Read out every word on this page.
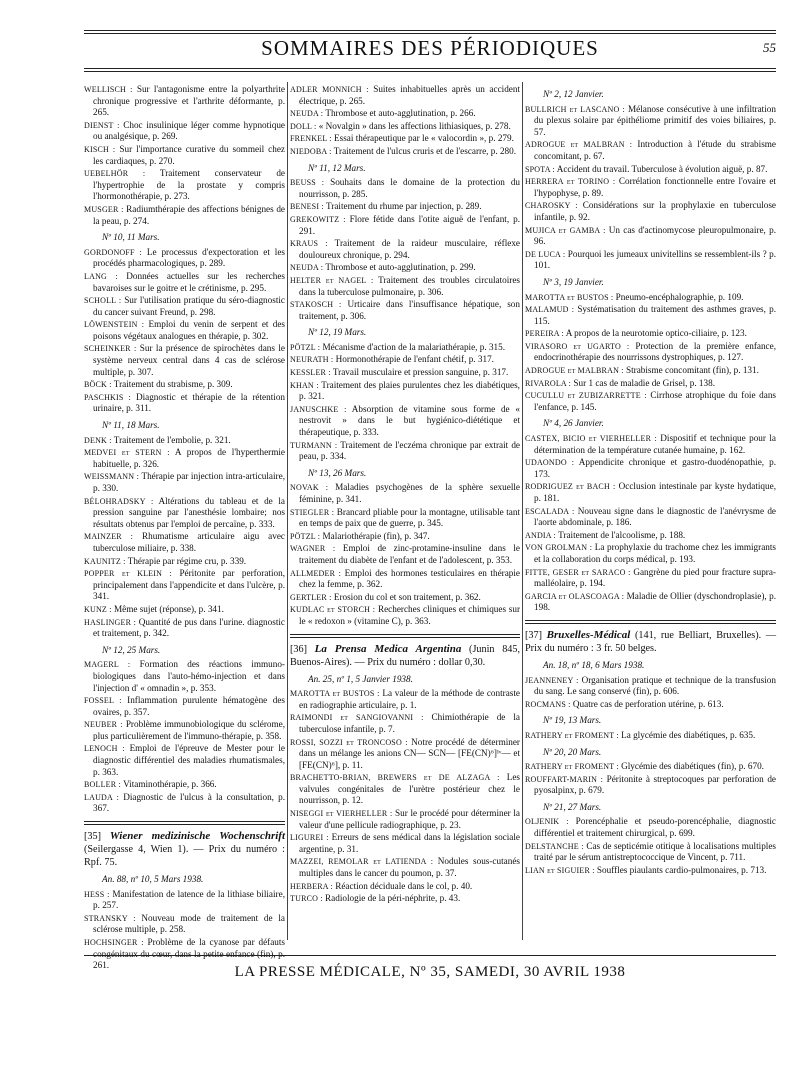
SOMMAIRES DES PÉRIODIQUES	55
WELLISCH : Sur l'antagonisme entre la polyarthrite chronique progressive et l'arthrite déformante, p. 265.
DIENST : Choc insulinique léger comme hypnotique ou analgésique, p. 269.
KISCH : Sur l'importance curative du sommeil chez les cardiaques, p. 270.
UEBELHÖR : Traitement conservateur de l'hypertrophie de la prostate y compris l'hormonothérapie, p. 273.
MUSGER : Radiumthérapie des affections bénignes de la peau, p. 274.
Nº 10, 11 Mars.
GORDONOFF : Le processus d'expectoration et les procédés pharmacologiques, p. 289.
LANG : Données actuelles sur les recherches bavaroises sur le goitre et le crétinisme, p. 295.
SCHOLL : Sur l'utilisation pratique du séro-diagnostic du cancer suivant Freund, p. 298.
LÖWENSTEIN : Emploi du venin de serpent et des poisons végétaux analogues en thérapie, p. 302.
SCHEINKER : Sur la présence de spirochètes dans le système nerveux central dans 4 cas de sclérose multiple, p. 307.
BÖCK : Traitement du strabisme, p. 309.
PASCHKIS : Diagnostic et thérapie de la rétention urinaire, p. 311.
Nº 11, 18 Mars.
DENK : Traitement de l'embolie, p. 321.
MEDVEI et STERN : A propos de l'hyperthermie habituelle, p. 326.
WEISSMANN : Thérapie par injection intra-articulaire, p. 330.
BÉLOHRADSKY : Altérations du tableau et de la pression sanguine par l'anesthésie lombaire; nos résultats obtenus par l'emploi de percaïne, p. 333.
MAINZER : Rhumatisme articulaire aigu avec tuberculose miliaire, p. 338.
KAUNITZ : Thérapie par régime cru, p. 339.
POPPER et KLEIN : Péritonite par perforation, principalement dans l'appendicite et dans l'ulcère, p. 341.
KUNZ : Même sujet (réponse), p. 341.
HASLINGER : Quantité de pus dans l'urine. diagnostic et traitement, p. 342.
Nº 12, 25 Mars.
MAGERL : Formation des réactions immuno-biologiques dans l'auto-hémo-injection et dans l'injection d' « omnadin », p. 353.
FOSSEL : Inflammation purulente hématogène des ovaires, p. 357.
NEUBER : Problème immunobiologique du sclérome, plus particulièrement de l'immuno-thérapie, p. 358.
LENOCH : Emploi de l'épreuve de Mester pour le diagnostic différentiel des maladies rhumatismales, p. 363.
BOLLER : Vitaminothérapie, p. 366.
LAUDA : Diagnostic de l'ulcus à la consultation, p. 367.
[35] Wiener medizinische Wochenschrift (Seilergasse 4, Wien 1). — Prix du numéro : Rpf. 75.
An. 88, nº 10, 5 Mars 1938.
HESS : Manifestation de latence de la lithiase biliaire, p. 257.
STRANSKY : Nouveau mode de traitement de la sclérose multiple, p. 258.
HOCHSINGER : Problème de la cyanose par défauts congénitaux du cœur, dans la petite enfance (fin), p. 261.
ADLER MONNICH : Suites inhabituelles après un accident électrique, p. 265.
NEUDA : Thrombose et auto-agglutination, p. 266.
DOLL : « Novalgin » dans les affections lithiasiques, p. 278.
FRENKEL : Essai thérapeutique par le « valocordin », p. 279.
NIEDOBA : Traitement de l'ulcus cruris et de l'escarre, p. 280.
Nº 11, 12 Mars.
BEUSS : Souhaits dans le domaine de la protection du nourrisson, p. 285.
BENESI : Traitement du rhume par injection, p. 289.
GREKOWITZ : Flore fétide dans l'otite aiguë de l'enfant, p. 291.
KRAUS : Traitement de la raideur musculaire, réflexe douloureux chronique, p. 294.
NEUDA : Thrombose et auto-agglutination, p. 299.
HELTER et NAGEL : Traitement des troubles circulatoires dans la tuberculose pulmonaire, p. 306.
STAKOSCH : Urticaire dans l'insuffisance hépatique, son traitement, p. 306.
Nº 12, 19 Mars.
PÖTZL : Mécanisme d'action de la malariathérapie, p. 315.
NEURATH : Hormonothérapie de l'enfant chétif, p. 317.
KESSLER : Travail musculaire et pression sanguine, p. 317.
KHAN : Traitement des plaies purulentes chez les diabétiques, p. 321.
JANUSCHKE : Absorption de vitamine sous forme de « nestrovit » dans le but hygiénico-diététique et thérapeutique, p. 333.
TURMANN : Traitement de l'eczéma chronique par extrait de peau, p. 334.
Nº 13, 26 Mars.
NOVAK : Maladies psychogènes de la sphère sexuelle féminine, p. 341.
STIEGLER : Brancard pliable pour la montagne, utilisable tant en temps de paix que de guerre, p. 345.
PÖTZL : Malariothérapie (fin), p. 347.
WAGNER : Emploi de zinc-protamine-insuline dans le traitement du diabète de l'enfant et de l'adolescent, p. 353.
ALLMEDER : Emploi des hormones testiculaires en thérapie chez la femme, p. 362.
GERTLER : Erosion du col et son traitement, p. 362.
KUDLAC et STORCH : Recherches cliniques et chimiques sur le « redoxon » (vitamine C), p. 363.
[36] La Prensa Medica Argentina (Junin 845, Buenos-Aires). — Prix du numéro : dollar 0,30.
An. 25, nº 1, 5 Janvier 1938.
MAROTTA et BUSTOS : La valeur de la méthode de contraste en radiographie articulaire, p. 1.
RAIMONDI et SANGIOVANNI : Chimiothérapie de la tuberculose infantile, p. 7.
ROSSI, SOZZI et TRONCOSO : Notre procédé de déterminer dans un mélange les anions CN— SCN— [FE(CN)⁶]ᴵᵛ— et [FE(CN)⁶], p. 11.
BRACHETTO-BRIAN, BREWERS et DE ALZAGA : Les valvules congénitales de l'urètre postérieur chez le nourrisson, p. 12.
NISEGGI et VIERHELLER : Sur le procédé pour déterminer la valeur d'une pellicule radiographique, p. 23.
LIGUREI : Erreurs de sens médical dans la législation sociale argentine, p. 31.
MAZZEI, REMOLAR et LATIENDA : Nodules sous-cutanés multiples dans le cancer du poumon, p. 37.
HERBERA : Réaction déciduale dans le col, p. 40.
TURCO : Radiologie de la péri-néphrite, p. 43.
Nº 2, 12 Janvier.
BULLRICH et LASCANO : Mélanose consécutive à une infiltration du plexus solaire par épithéliome primitif des voies biliaires, p. 57.
ADROGUE et MALBRAN : Introduction à l'étude du strabisme concomitant, p. 67.
SPOTA : Accident du travail. Tuberculose à évolution aiguë, p. 87.
HERRERA et TORINO : Corrélation fonctionnelle entre l'ovaire et l'hypophyse, p. 89.
CHAROSKY : Considérations sur la prophylaxie en tuberculose infantile, p. 92.
MUJICA et GAMBA : Un cas d'actinomycose pleuropulmonaire, p. 96.
DE LUCA : Pourquoi les jumeaux univitellins se ressemblent-ils ? p. 101.
Nº 3, 19 Janvier.
MAROTTA et BUSTOS : Pneumo-encéphalographie, p. 109.
MALAMUD : Systématisation du traitement des asthmes graves, p. 115.
PEREIRA : A propos de la neurotomie optico-ciliaire, p. 123.
VIRASORO et UGARTO : Protection de la première enfance, endocrinothérapie des nourrissons dystrophiques, p. 127.
ADROGUE et MALBRAN : Strabisme concomitant (fin), p. 131.
RIVAROLA : Sur 1 cas de maladie de Grisel, p. 138.
CUCULLU et ZUBIZARRETTE : Cirrhose atrophique du foie dans l'enfance, p. 145.
Nº 4, 26 Janvier.
CASTEX, BICIO et VIERHELLER : Dispositif et technique pour la détermination de la température cutanée humaine, p. 162.
UDAONDO : Appendicite chronique et gastro-duodénopathie, p. 173.
RODRIGUEZ et BACH : Occlusion intestinale par kyste hydatique, p. 181.
ESCALADA : Nouveau signe dans le diagnostic de l'anévrysme de l'aorte abdominale, p. 186.
ANDIA : Traitement de l'alcoolisme, p. 188.
VON GROLMAN : La prophylaxie du trachome chez les immigrants et la collaboration du corps médical, p. 193.
FITTE, GESER et SARACO : Gangrène du pied pour fracture supra-malléolaire, p. 194.
GARCIA et OLASCOAGA : Maladie de Ollier (dyschondroplasie), p. 198.
[37] Bruxelles-Médical (141, rue Belliart, Bruxelles). — Prix du numéro : 3 fr. 50 belges.
An. 18, nº 18, 6 Mars 1938.
JEANNENEY : Organisation pratique et technique de la transfusion du sang. Le sang conservé (fin), p. 606.
ROCMANS : Quatre cas de perforation utérine, p. 613.
Nº 19, 13 Mars.
RATHERY et FROMENT : La glycémie des diabétiques, p. 635.
Nº 20, 20 Mars.
RATHERY et FROMENT : Glycémie des diabétiques (fin), p. 670.
ROUFFART-MARIN : Péritonite à streptocoques par perforation de pyosalpinx, p. 679.
Nº 21, 27 Mars.
OLJENIK : Porencéphalie et pseudo-porencéphalie, diagnostic différentiel et traitement chirurgical, p. 699.
DELSTANCHE : Cas de septicémie otitique à localisations multiples traité par le sérum antistreptococcique de Vincent, p. 711.
LIAN et SIGUIER : Souffles piaulants cardio-pulmonaires, p. 713.
LA PRESSE MÉDICALE, Nº 35, SAMEDI, 30 AVRIL 1938
